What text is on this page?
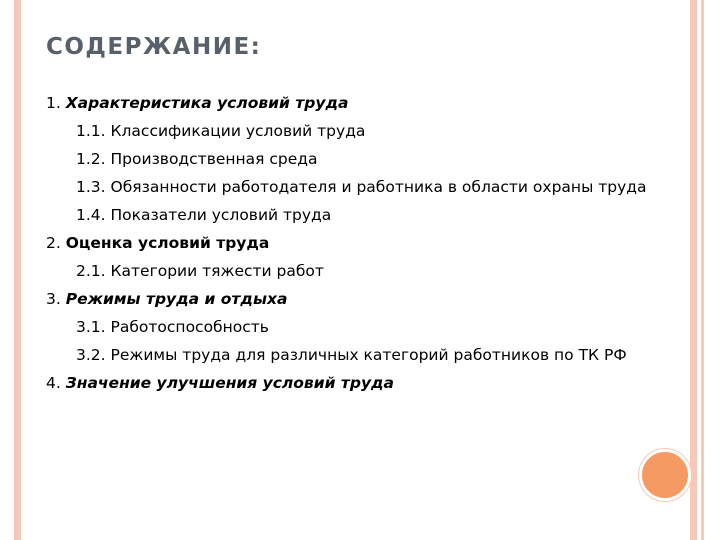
СОДЕРЖАНИЕ:

1. Характеристика условий труда

1.1. Классификации условий труда

1.2. Производственная среда

1.3. Обязанности работодателя и работника в области охраны труда

1.4. Показатели условий труда

2. Оценка условий труда

2.1. Категории тяжести работ

3. Режимы труда и отдыха

3.1. Работоспособность

3.2. Режимы труда для различных категорий работников по ТК РФ

4. Значение улучшения условий труда
